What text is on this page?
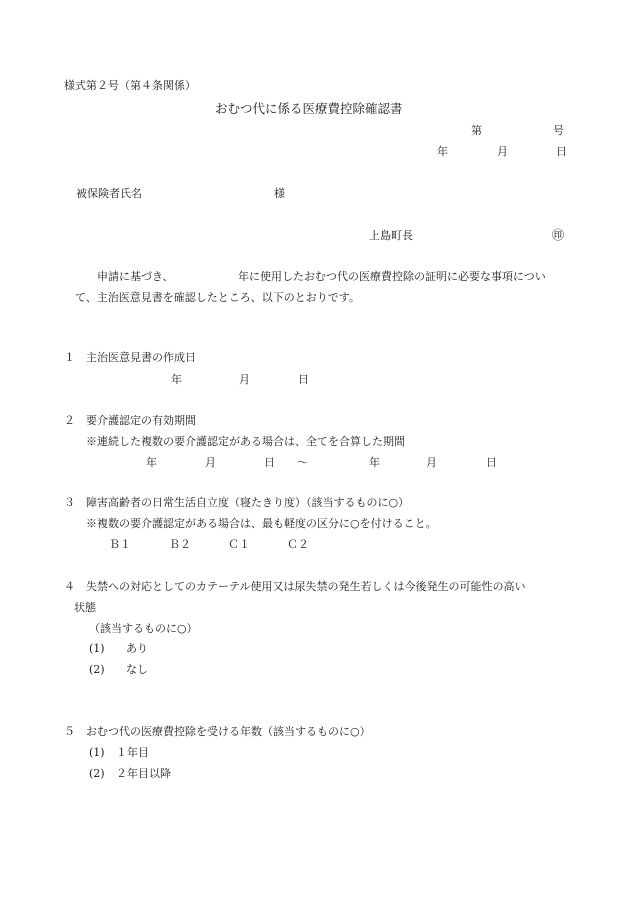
様式第２号（第４条関係）
おむつ代に係る医療費控除確認書
第	号
年	月	日
被保険者氏名	様
上島町長	㊞
申請に基づき、	年に使用したおむつ代の医療費控除の証明に必要な事項につい
て、主治医意見書を確認したところ、以下のとおりです。
１ 主治医意見書の作成日
年	月	日
２ 要介護認定の有効期間
※連続した複数の要介護認定がある場合は、全てを合算した期間
年	月	日 ～	年	月	日
３ 障害高齢者の日常生活自立度（寝たきり度）（該当するものに○）
※複数の要介護認定がある場合は、最も軽度の区分に○を付けること。
Ｂ１	Ｂ２	Ｃ１	Ｃ２
４ 失禁への対応としてのカテーテル使用又は尿失禁の発生若しくは今後発生の可能性の高い
状態
（該当するものに○）
(1) あり
(2) なし
５ おむつ代の医療費控除を受ける年数（該当するものに○）
(1) １年目
(2) ２年目以降
